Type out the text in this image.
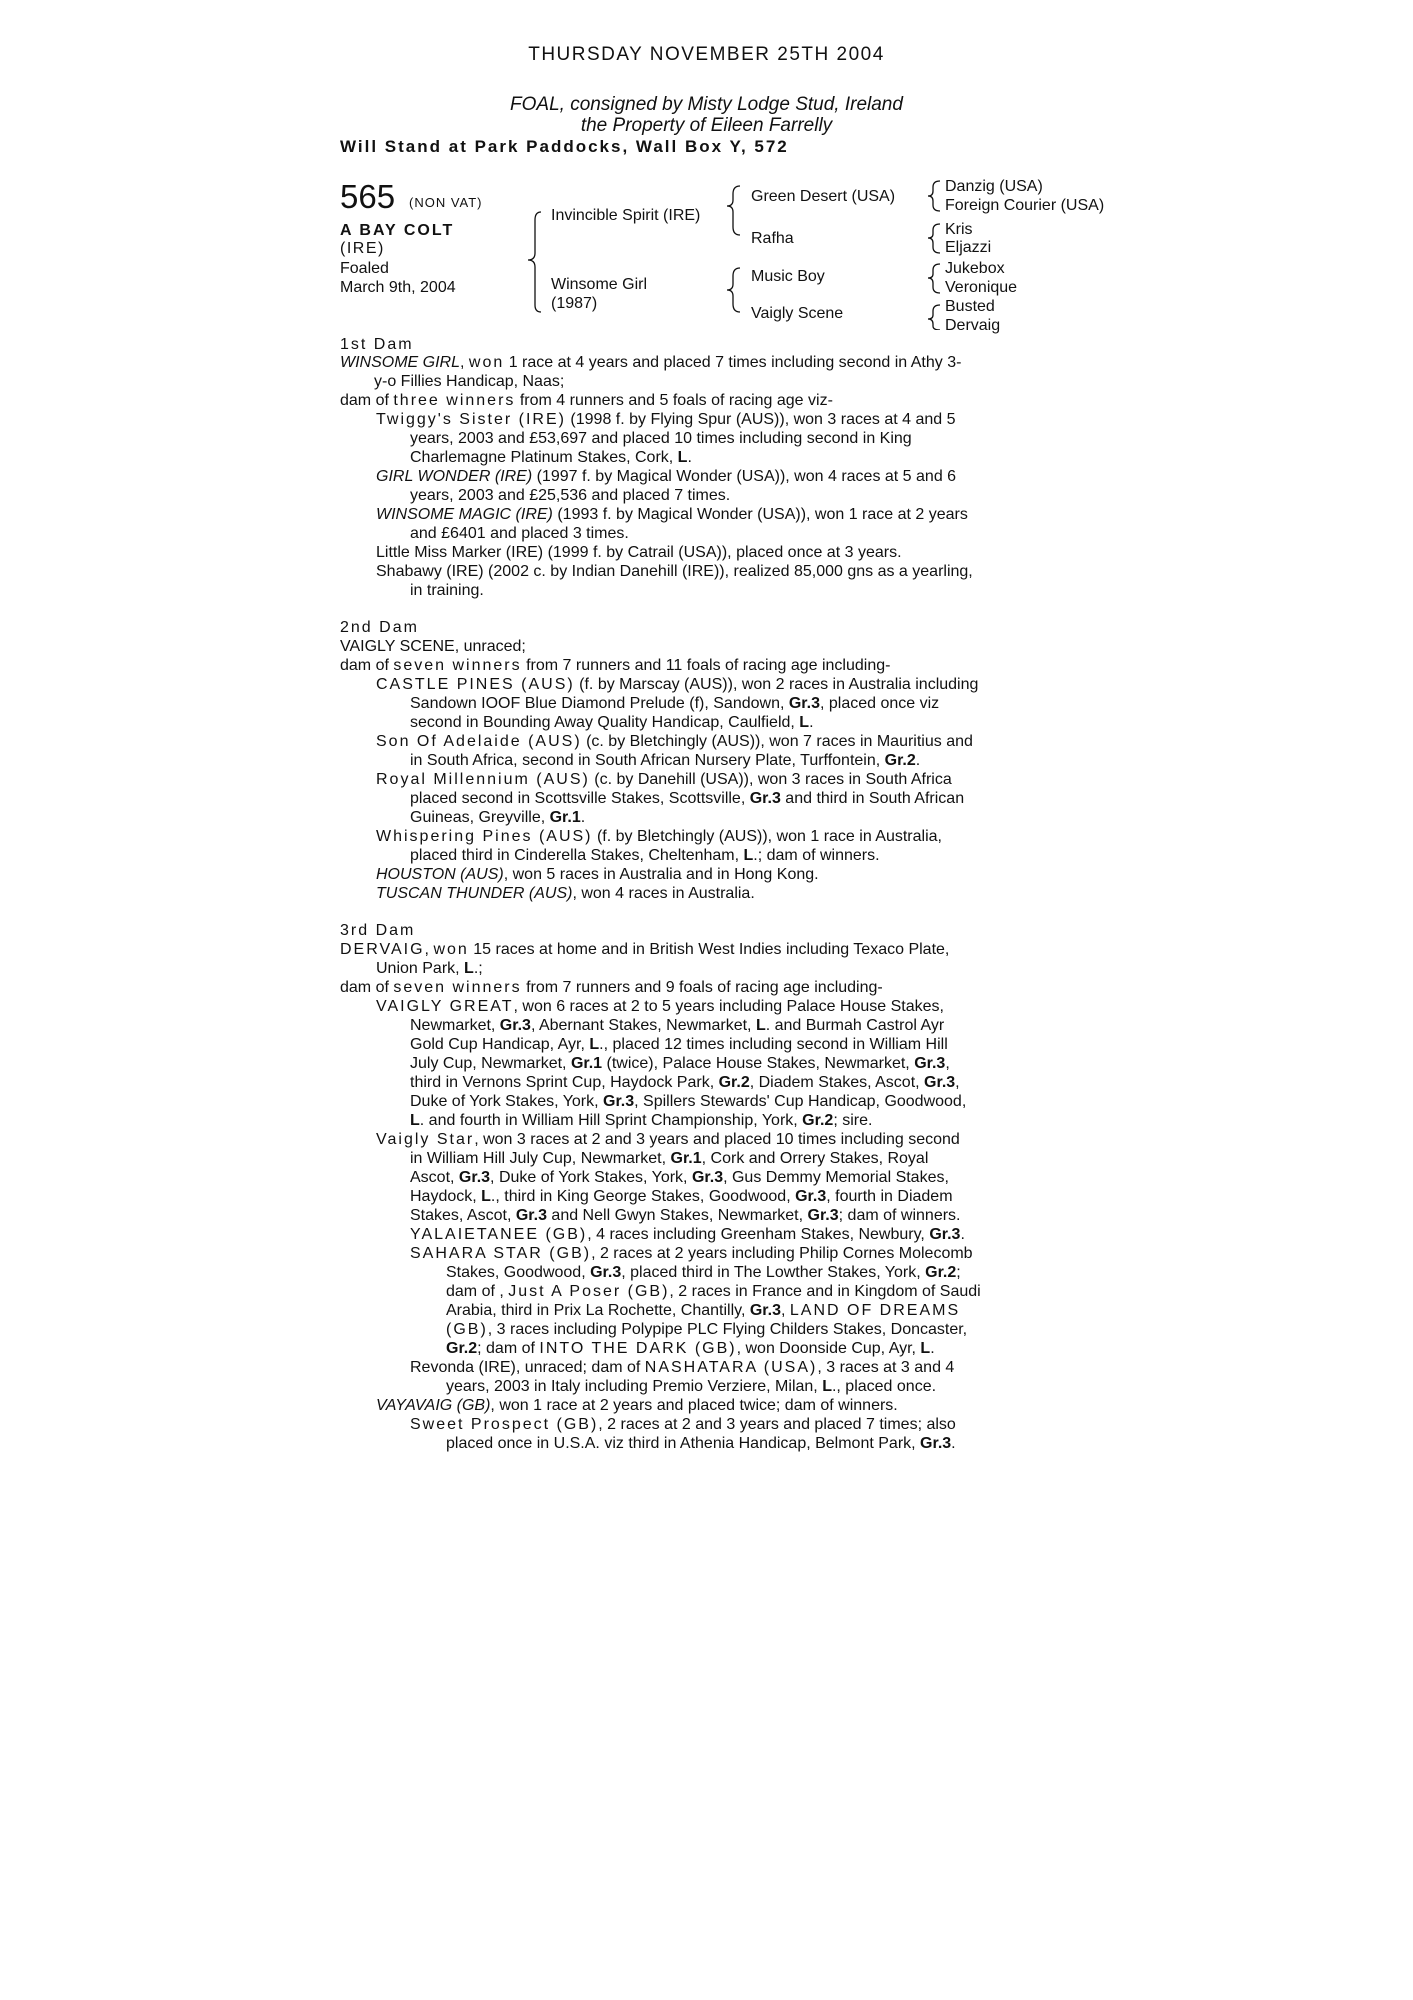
THURSDAY NOVEMBER 25TH 2004
FOAL, consigned by Misty Lodge Stud, Ireland
the Property of Eileen Farrelly
Will Stand at Park Paddocks, Wall Box Y, 572
565 (NON VAT)
A BAY COLT
(IRE)
Foaled
March 9th, 2004
Invincible Spirit (IRE)
Winsome Girl
(1987)
Green Desert (USA)
Rafha
Music Boy
Vaigly Scene
Danzig (USA)
Foreign Courier (USA)
Kris
Eljazzi
Jukebox
Veronique
Busted
Dervaig
1st Dam
WINSOME GIRL, won 1 race at 4 years and placed 7 times including second in Athy 3-
y-o Fillies Handicap, Naas;
dam of three winners from 4 runners and 5 foals of racing age viz-
Twiggy's Sister (IRE) (1998 f. by Flying Spur (AUS)), won 3 races at 4 and 5
years, 2003 and £53,697 and placed 10 times including second in King
Charlemagne Platinum Stakes, Cork, L.
GIRL WONDER (IRE) (1997 f. by Magical Wonder (USA)), won 4 races at 5 and 6
years, 2003 and £25,536 and placed 7 times.
WINSOME MAGIC (IRE) (1993 f. by Magical Wonder (USA)), won 1 race at 2 years
and £6401 and placed 3 times.
Little Miss Marker (IRE) (1999 f. by Catrail (USA)), placed once at 3 years.
Shabawy (IRE) (2002 c. by Indian Danehill (IRE)), realized 85,000 gns as a yearling,
in training.
2nd Dam
VAIGLY SCENE, unraced;
dam of seven winners from 7 runners and 11 foals of racing age including-
CASTLE PINES (AUS) (f. by Marscay (AUS)), won 2 races in Australia including
Sandown IOOF Blue Diamond Prelude (f), Sandown, Gr.3, placed once viz
second in Bounding Away Quality Handicap, Caulfield, L.
Son Of Adelaide (AUS) (c. by Bletchingly (AUS)), won 7 races in Mauritius and
in South Africa, second in South African Nursery Plate, Turffontein, Gr.2.
Royal Millennium (AUS) (c. by Danehill (USA)), won 3 races in South Africa
placed second in Scottsville Stakes, Scottsville, Gr.3 and third in South African
Guineas, Greyville, Gr.1.
Whispering Pines (AUS) (f. by Bletchingly (AUS)), won 1 race in Australia,
placed third in Cinderella Stakes, Cheltenham, L.; dam of winners.
HOUSTON (AUS), won 5 races in Australia and in Hong Kong.
TUSCAN THUNDER (AUS), won 4 races in Australia.
3rd Dam
DERVAIG, won 15 races at home and in British West Indies including Texaco Plate,
Union Park, L.;
dam of seven winners from 7 runners and 9 foals of racing age including-
VAIGLY GREAT, won 6 races at 2 to 5 years including Palace House Stakes,
Newmarket, Gr.3, Abernant Stakes, Newmarket, L. and Burmah Castrol Ayr
Gold Cup Handicap, Ayr, L., placed 12 times including second in William Hill
July Cup, Newmarket, Gr.1 (twice), Palace House Stakes, Newmarket, Gr.3,
third in Vernons Sprint Cup, Haydock Park, Gr.2, Diadem Stakes, Ascot, Gr.3,
Duke of York Stakes, York, Gr.3, Spillers Stewards' Cup Handicap, Goodwood,
L. and fourth in William Hill Sprint Championship, York, Gr.2; sire.
Vaigly Star, won 3 races at 2 and 3 years and placed 10 times including second
in William Hill July Cup, Newmarket, Gr.1, Cork and Orrery Stakes, Royal
Ascot, Gr.3, Duke of York Stakes, York, Gr.3, Gus Demmy Memorial Stakes,
Haydock, L., third in King George Stakes, Goodwood, Gr.3, fourth in Diadem
Stakes, Ascot, Gr.3 and Nell Gwyn Stakes, Newmarket, Gr.3; dam of winners.
YALAIETANEE (GB), 4 races including Greenham Stakes, Newbury, Gr.3.
SAHARA STAR (GB), 2 races at 2 years including Philip Cornes Molecomb
Stakes, Goodwood, Gr.3, placed third in The Lowther Stakes, York, Gr.2;
dam of , Just A Poser (GB), 2 races in France and in Kingdom of Saudi
Arabia, third in Prix La Rochette, Chantilly, Gr.3, LAND OF DREAMS
(GB), 3 races including Polypipe PLC Flying Childers Stakes, Doncaster,
Gr.2; dam of INTO THE DARK (GB), won Doonside Cup, Ayr, L.
Revonda (IRE), unraced; dam of NASHATARA (USA), 3 races at 3 and 4
years, 2003 in Italy including Premio Verziere, Milan, L., placed once.
VAYAVAIG (GB), won 1 race at 2 years and placed twice; dam of winners.
Sweet Prospect (GB), 2 races at 2 and 3 years and placed 7 times; also
placed once in U.S.A. viz third in Athenia Handicap, Belmont Park, Gr.3.
